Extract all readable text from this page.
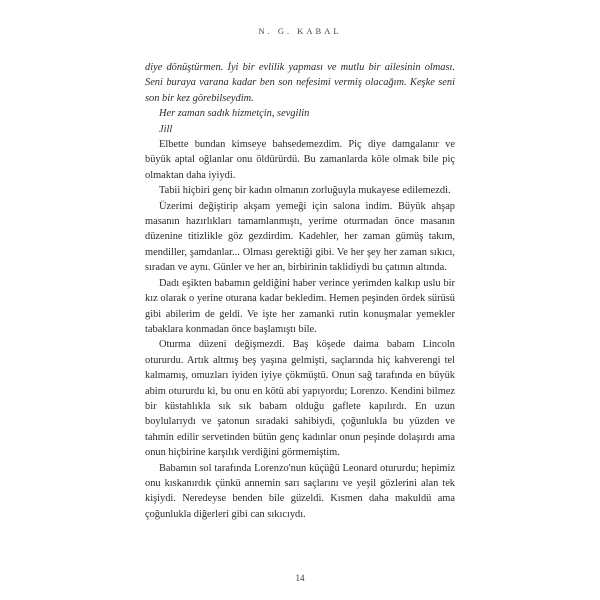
N. G. KABAL

diye dönüştürmen. İyi bir evlilik yapması ve mutlu bir ailesinin olması. Seni buraya varana kadar ben son nefesimi vermiş olacağım. Keşke seni son bir kez görebilseydim.

Her zaman sadık hizmetçin, sevgilin

Jill

Elbette bundan kimseye bahsedemezdim. Piç diye damgalanır ve büyük aptal oğlanlar onu öldürürdü. Bu zamanlarda köle olmak bile piç olmaktan daha iyiydi.

Tabii hiçbiri genç bir kadın olmanın zorluğuyla mukayese edilemezdi.

Üzerimi değiştirip akşam yemeği için salona indim. Büyük ahşap masanın hazırlıkları tamamlanmıştı, yerime oturmadan önce masanın düzenine titizlikle göz gezdirdim. Kadehler, her zaman gümüş takım, mendiller, şamdanlar... Olması gerektiği gibi. Ve her şey her zaman sıkıcı, sıradan ve aynı. Günler ve her an, birbirinin taklidiydi bu çatının altında.

Dadı eşikten babamın geldiğini haber verince yerimden kalkıp uslu bir kız olarak o yerine oturana kadar bekledim. Hemen peşinden ördek sürüsü gibi abilerim de geldi. Ve işte her zamanki rutin konuşmalar yemekler tabaklara konmadan önce başlamıştı bile.

Oturma düzeni değişmezdi. Baş köşede daima babam Lincoln otururdu. Artık altmış beş yaşına gelmişti, saçlarında hiç kahverengi tel kalmamış, omuzları iyiden iyiye çökmüştü. Onun sağ tarafında en büyük abim otururdu ki, bu onu en kötü abi yapıyordu; Lorenzo. Kendini bilmez bir küstahlıkla sık sık babam olduğu gaflete kapılırdı. En uzun boylularıydı ve şatonun sıradaki sahibiydi, çoğunlukla bu yüzden ve tahmin edilir servetinden bütün genç kadınlar onun peşinde dolaşırdı ama onun hiçbirine karşılık verdiğini görmemiştim.

Babamın sol tarafında Lorenzo'nun küçüğü Leonard otururdu; hepimiz onu kıskanırdık çünkü annemin sarı saçlarını ve yeşil gözlerini alan tek kişiydi. Neredeyse benden bile güzeldi. Kısmen daha makuldü ama çoğunlukla diğerleri gibi can sıkıcıydı.

14
